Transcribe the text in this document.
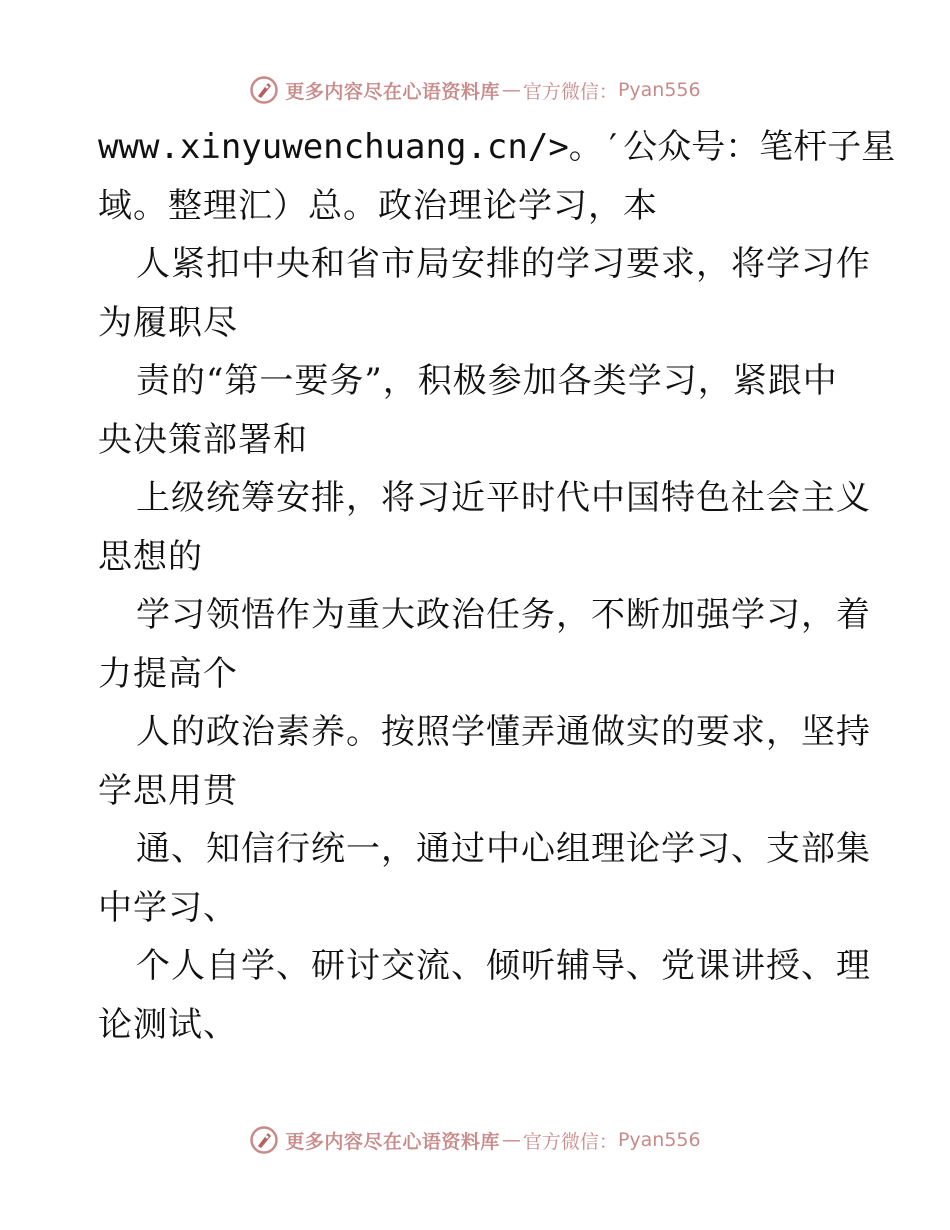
更多内容尽在心语资料库 — 官方微信： Pyan556
www.xinyuwenchuang.cn/>。′公众号：笔杆子星
域。整理汇）总。政治理论学习，本
人紧扣中央和省市局安排的学习要求，将学习作
为履职尽
责的“第一要务”，积极参加各类学习，紧跟中
央决策部署和
上级统筹安排，将习近平时代中国特色社会主义
思想的
学习领悟作为重大政治任务，不断加强学习，着
力提高个
人的政治素养。按照学懂弄通做实的要求，坚持
学思用贯
通、知信行统一，通过中心组理论学习、支部集
中学习、
个人自学、研讨交流、倾听辅导、党课讲授、理
论测试、
更多内容尽在心语资料库 — 官方微信： Pyan556
